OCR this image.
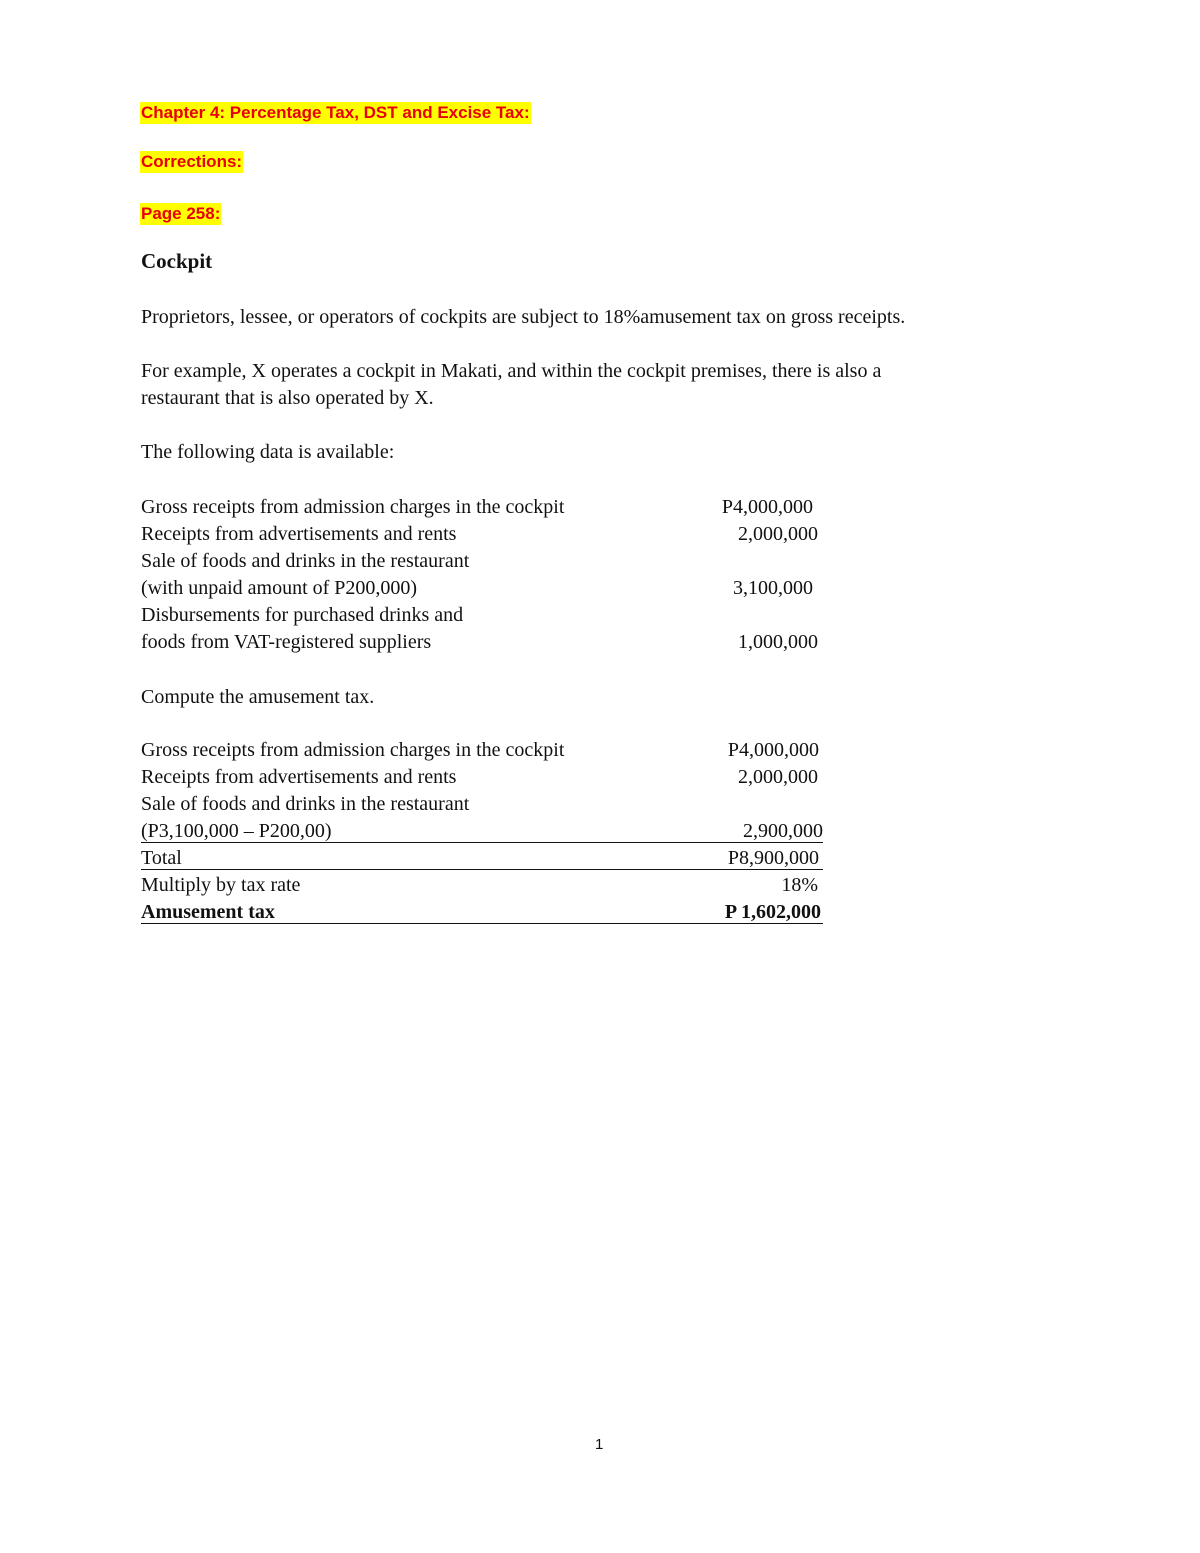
Chapter 4: Percentage Tax, DST and Excise Tax:
Corrections:
Page 258:
Cockpit
Proprietors, lessee, or operators of cockpits are subject to 18%amusement tax on gross receipts.
For example, X operates a cockpit in Makati, and within the cockpit premises, there is also a
restaurant that is also operated by X.
The following data is available:
Gross receipts from admission charges in the cockpit	P4,000,000
Receipts from advertisements and rents	2,000,000
Sale of foods and drinks in the restaurant
(with unpaid amount of P200,000)	3,100,000
Disbursements for purchased drinks and
foods from VAT-registered suppliers	1,000,000
Compute the amusement tax.
Gross receipts from admission charges in the cockpit	P4,000,000
Receipts from advertisements and rents	2,000,000
Sale of foods and drinks in the restaurant
(P3,100,000 – P200,00)	2,900,000
Total	P8,900,000
Multiply by tax rate	18%
Amusement tax	P 1,602,000
1
